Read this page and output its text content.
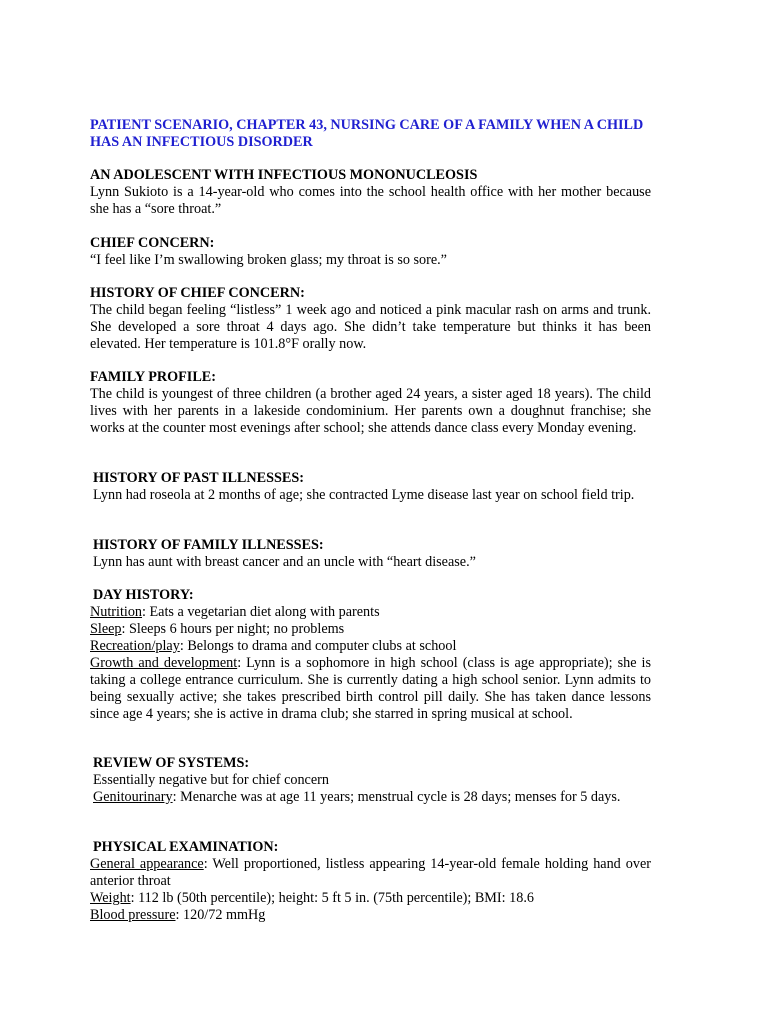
PATIENT SCENARIO, CHAPTER 43, NURSING CARE OF A FAMILY WHEN A CHILD HAS AN INFECTIOUS DISORDER
AN ADOLESCENT WITH INFECTIOUS MONONUCLEOSIS
Lynn Sukioto is a 14-year-old who comes into the school health office with her mother because she has a “sore throat.”
CHIEF CONCERN:
“I feel like I’m swallowing broken glass; my throat is so sore.”
HISTORY OF CHIEF CONCERN:
The child began feeling “listless” 1 week ago and noticed a pink macular rash on arms and trunk. She developed a sore throat 4 days ago. She didn’t take temperature but thinks it has been elevated. Her temperature is 101.8°F orally now.
FAMILY PROFILE:
The child is youngest of three children (a brother aged 24 years, a sister aged 18 years). The child lives with her parents in a lakeside condominium. Her parents own a doughnut franchise; she works at the counter most evenings after school; she attends dance class every Monday evening.
HISTORY OF PAST ILLNESSES:
Lynn had roseola at 2 months of age; she contracted Lyme disease last year on school field trip.
HISTORY OF FAMILY ILLNESSES:
Lynn has aunt with breast cancer and an uncle with “heart disease.”
DAY HISTORY:
Nutrition: Eats a vegetarian diet along with parents
Sleep: Sleeps 6 hours per night; no problems
Recreation/play: Belongs to drama and computer clubs at school
Growth and development: Lynn is a sophomore in high school (class is age appropriate); she is taking a college entrance curriculum. She is currently dating a high school senior. Lynn admits to being sexually active; she takes prescribed birth control pill daily. She has taken dance lessons since age 4 years; she is active in drama club; she starred in spring musical at school.
REVIEW OF SYSTEMS:
Essentially negative but for chief concern
Genitourinary: Menarche was at age 11 years; menstrual cycle is 28 days; menses for 5 days.
PHYSICAL EXAMINATION:
General appearance: Well proportioned, listless appearing 14-year-old female holding hand over anterior throat
Weight: 112 lb (50th percentile); height: 5 ft 5 in. (75th percentile); BMI: 18.6
Blood pressure: 120/72 mmHg
